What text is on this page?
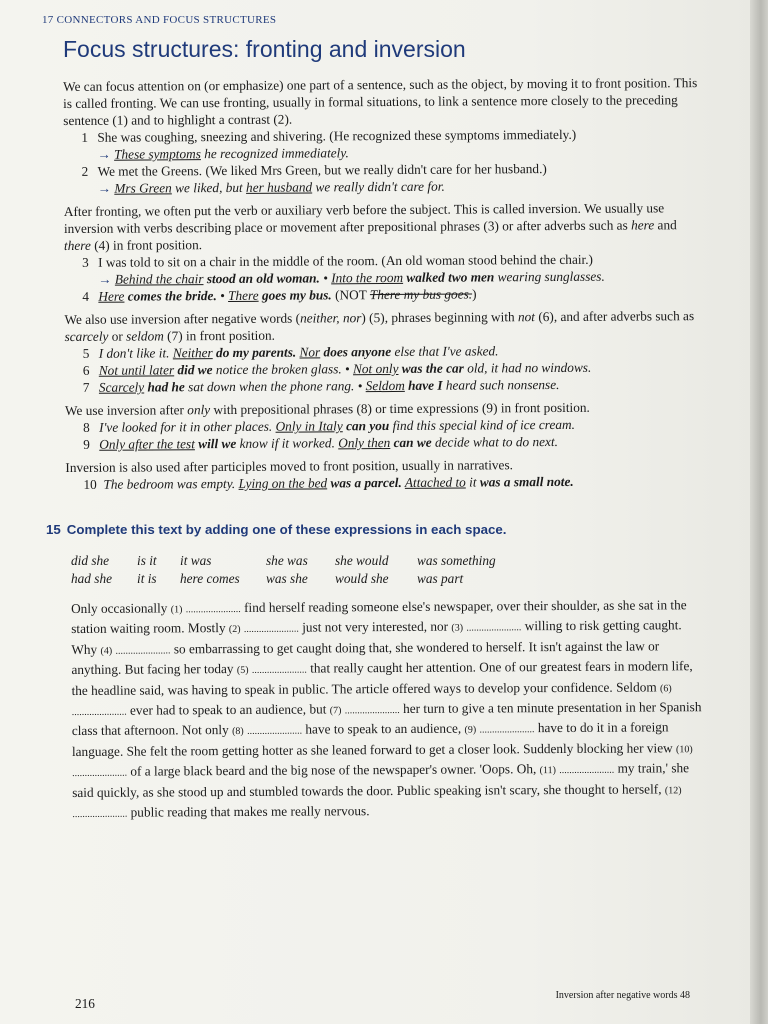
17 CONNECTORS AND FOCUS STRUCTURES
Focus structures: fronting and inversion

We can focus attention on (or emphasize) one part of a sentence, such as the object, by moving it to front position. This is called fronting. We can use fronting, usually in formal situations, to link a sentence more closely to the preceding sentence (1) and to highlight a contrast (2).

1 She was coughing, sneezing and shivering. (He recognized these symptoms immediately.)

→ These symptoms he recognized immediately.

2 We met the Greens. (We liked Mrs Green, but we really didn't care for her husband.)

→ Mrs Green we liked, but her husband we really didn't care for.

After fronting, we often put the verb or auxiliary verb before the subject. This is called inversion. We usually use inversion with verbs describing place or movement after prepositional phrases (3) or after adverbs such as here and there (4) in front position.

3 I was told to sit on a chair in the middle of the room. (An old woman stood behind the chair.)

→ Behind the chair stood an old woman. • Into the room walked two men wearing sunglasses.

4 Here comes the bride. • There goes my bus. (NOT There my bus goes.)

We also use inversion after negative words (neither, nor) (5), phrases beginning with not (6), and after adverbs such as scarcely or seldom (7) in front position.

5 I don't like it. Neither do my parents. Nor does anyone else that I've asked.

6 Not until later did we notice the broken glass. • Not only was the car old, it had no windows.

7 Scarcely had he sat down when the phone rang. • Seldom have I heard such nonsense.

We use inversion after only with prepositional phrases (8) or time expressions (9) in front position.

8 I've looked for it in other places. Only in Italy can you find this special kind of ice cream.

9 Only after the test will we know if it worked. Only then can we decide what to do next.

Inversion is also used after participles moved to front position, usually in narratives.

10 The bedroom was empty. Lying on the bed was a parcel. Attached to it was a small note.

15 Complete this text by adding one of these expressions in each space.
did she is it it was	she was she would was something
had she it is here comes was she would she was part

Only occasionally (1) ...................... find herself reading someone else's newspaper, over their shoulder, as she sat in the station waiting room. Mostly (2) ...................... just not very interested, nor (3) ...................... willing to risk getting caught. Why (4) ...................... so embarrassing to get caught doing that, she wondered to herself. It isn't against the law or anything. But facing her today (5) ...................... that really caught her attention. One of our greatest fears in modern life, the headline said, was having to speak in public. The article offered ways to develop your confidence. Seldom (6) ...................... ever had to speak to an audience, but (7) ...................... her turn to give a ten minute presentation in her Spanish class that afternoon. Not only (8) ...................... have to speak to an audience, (9) ...................... have to do it in a foreign language. She felt the room getting hotter as she leaned forward to get a closer look. Suddenly blocking her view (10) ...................... of a large black beard and the big nose of the newspaper's owner. 'Oops. Oh, (11) ...................... my train,' she said quickly, as she stood up and stumbled towards the door. Public speaking isn't scary, she thought to herself, (12) ...................... public reading that makes me really nervous.

216
Inversion after negative words 48
